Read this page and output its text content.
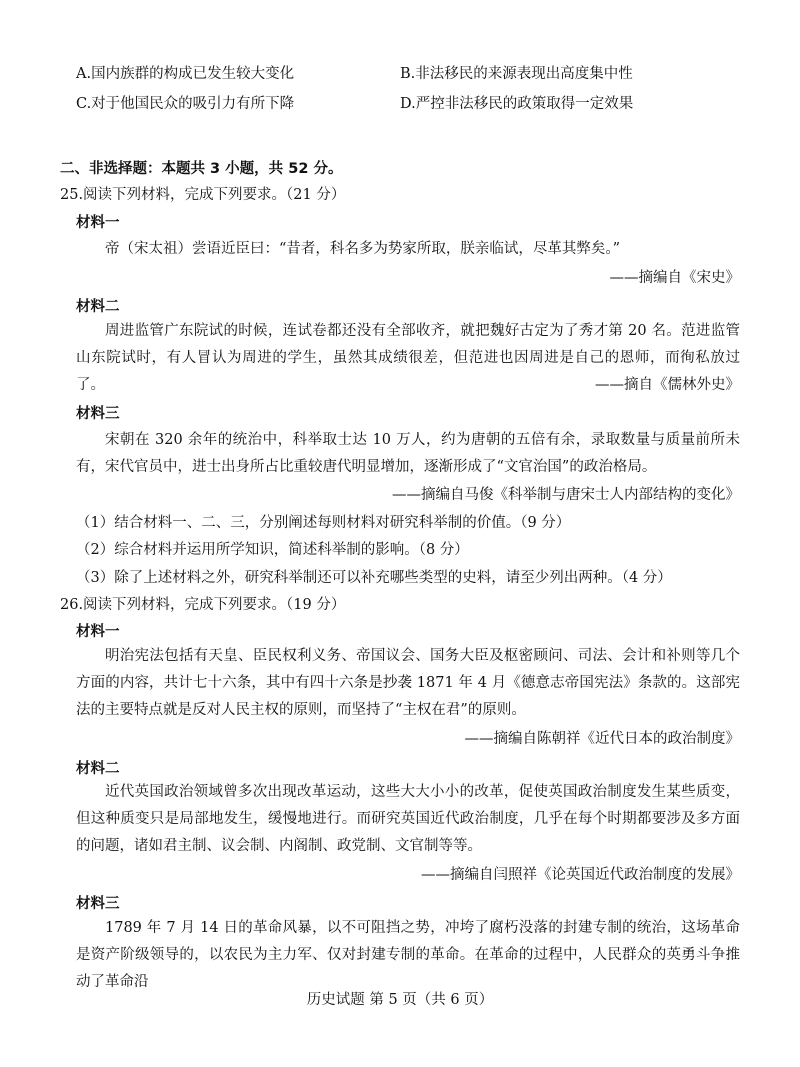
A.国内族群的构成已发生较大变化	B.非法移民的来源表现出高度集中性
C.对于他国民众的吸引力有所下降	D.严控非法移民的政策取得一定效果
二、非选择题：本题共 3 小题，共 52 分。
25.阅读下列材料，完成下列要求。（21 分）
材料一
帝（宋太祖）尝语近臣曰：“昔者，科名多为势家所取，朕亲临试，尽革其弊矣。”
——摘编自《宋史》
材料二
周进监管广东院试的时候，连试卷都还没有全部收齐，就把魏好古定为了秀才第 20 名。范进监管山东院试时，有人冒认为周进的学生，虽然其成绩很差，但范进也因周进是自己的恩师，而徇私放过了。	——摘自《儒林外史》
材料三
宋朝在 320 余年的统治中，科举取士达 10 万人，约为唐朝的五倍有余，录取数量与质量前所未有，宋代官员中，进士出身所占比重较唐代明显增加，逐渐形成了“文官治国”的政治格局。
——摘编自马俊《科举制与唐宋士人内部结构的变化》
（1）结合材料一、二、三，分别阐述每则材料对研究科举制的价值。（9 分）
（2）综合材料并运用所学知识，简述科举制的影响。（8 分）
（3）除了上述材料之外，研究科举制还可以补充哪些类型的史料，请至少列出两种。（4 分）
26.阅读下列材料，完成下列要求。（19 分）
材料一
明治宪法包括有天皇、臣民权利义务、帝国议会、国务大臣及枢密顾问、司法、会计和补则等几个方面的内容，共计七十六条，其中有四十六条是抄袭 1871 年 4 月《德意志帝国宪法》条款的。这部宪法的主要特点就是反对人民主权的原则，而坚持了“主权在君”的原则。
——摘编自陈朝祥《近代日本的政治制度》
材料二
近代英国政治领域曾多次出现改革运动，这些大大小小的改革，促使英国政治制度发生某些质变，但这种质变只是局部地发生，缓慢地进行。而研究英国近代政治制度，几乎在每个时期都要涉及多方面的问题，诸如君主制、议会制、内阁制、政党制、文官制等等。
——摘编自闫照祥《论英国近代政治制度的发展》
材料三
1789 年 7 月 14 日的革命风暴，以不可阻挡之势，冲垮了腐朽没落的封建专制的统治，这场革命是资产阶级领导的，以农民为主力军、仅对封建专制的革命。在革命的过程中，人民群众的英勇斗争推动了革命沿
历史试题 第 5 页（共 6 页）
